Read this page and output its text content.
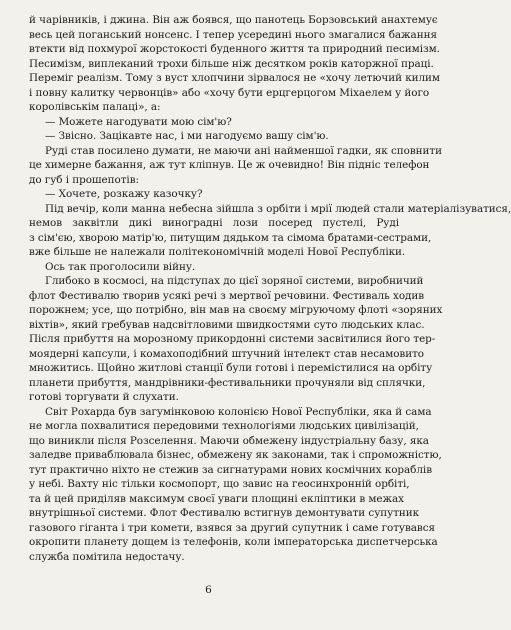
й чарівників, і джина. Він аж боявся, що панотець Борзовський анахтемує
весь цей поганський нонсенс. І тепер усередині нього змагалися бажання
втекти від похмурої жорстокості буденного життя та природний песимізм.
Песимізм, виплеканий трохи більше ніж десятком років каторжної праці.
Переміг реалізм. Тому з вуст хлопчини зірвалося не «хочу летючий килим
і повну калитку червонців» або «хочу бути ерцгерцогом Міхаелем у його
королівськім палаці», а:
— Можете нагодувати мою сім'ю?
— Звісно. Зацікавте нас, і ми нагодуємо вашу сім'ю.
Руді став посилено думати, не маючи ані найменшої гадки, як сповнити
це химерне бажання, аж тут кліпнув. Це ж очевидно! Він підніс телефон
до губ і прошепотів:
— Хочете, розкажу казочку?
Під вечір, коли манна небесна зійшла з орбіти і мрії людей стали матеріалізуватися,
немов заквітли дикі виноградні лози посеред пустелі, Руді
з сім'єю, хворою матір'ю, питущим дядьком та сімома братами-сестрами,
вже більше не належали політекономічній моделі Нової Республіки.
Ось так проголосили війну.
Глибоко в космосі, на підступах до цієї зоряної системи, виробничий
флот Фестивалю творив усякі речі з мертвої речовини. Фестиваль ходив
порожнем; усе, що потрібно, він мав на своєму мігруючому флоті «зоряних
віхтів», який гребував надсвітловими швидкостями суто людських клас.
Після прибуття на морозному прикордонні системи засвітилися його тер-
моядерні капсули, і комахоподібний штучний інтелект став несамовито
множитись. Щойно житлові станції були готові і перемістилися на орбіту
планети прибуття, мандрівники-фестивальники прочуняли від сплячки,
готові торгувати й слухати.
Світ Рохарда був загумінковою колонією Нової Республіки, яка й сама
не могла похвалитися передовими технологіями людських цивілізацій,
що виникли після Розселення. Маючи обмежену індустріальну базу, яка
заледве приваблювала бізнес, обмежену як законами, так і спроможністю,
тут практично ніхто не стежив за сигнатурами нових космічних кораблів
у небі. Вахту ніс тільки космопорт, що завис на геосинхронній орбіті,
та й цей приділяв максимум своєї уваги площині екліптики в межах
внутрішньої системи. Флот Фестивалю встигнув демонтувати супутник
газового гіганта і три комети, взявся за другий супутник і саме готувався
окропити планету дощем із телефонів, коли імператорська диспетчерська
служба помітила недостачу.
6
